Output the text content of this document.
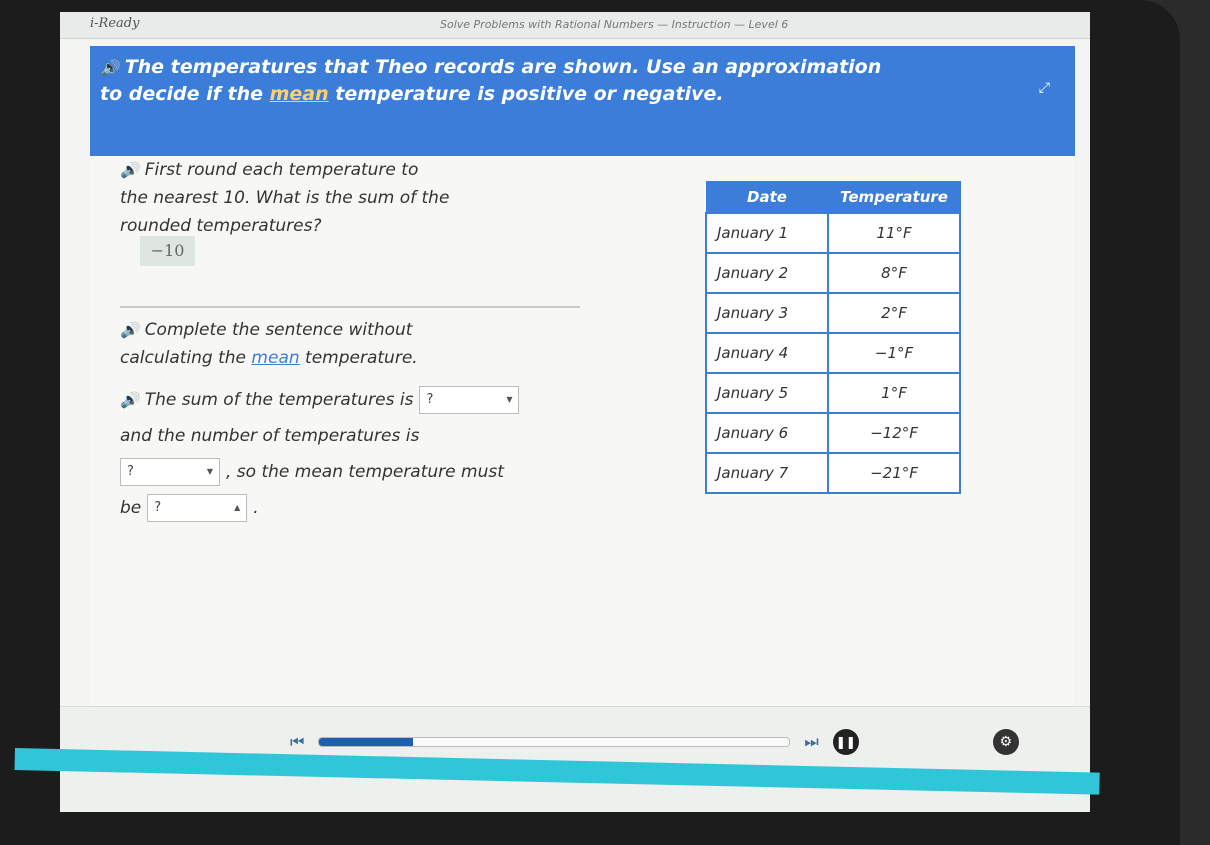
i-Ready	Solve Problems with Rational Numbers — Instruction — Level 6
🔊 The temperatures that Theo records are shown. Use an approximation to decide if the mean temperature is positive or negative.	⤢
🔊 First round each temperature to the nearest 10. What is the sum of the rounded temperatures?
−10
🔊 Complete the sentence without calculating the mean temperature.
🔊 The sum of the temperatures is ?	▼
and the number of temperatures is
?	▼ , so the mean temperature must
be ?	▲ .
Date	Temperature
January 1	11°F
January 2	8°F
January 3	2°F
January 4	−1°F
January 5	1°F
January 6	−12°F
January 7	−21°F
⏮	⏭ ❚❚	⚙
